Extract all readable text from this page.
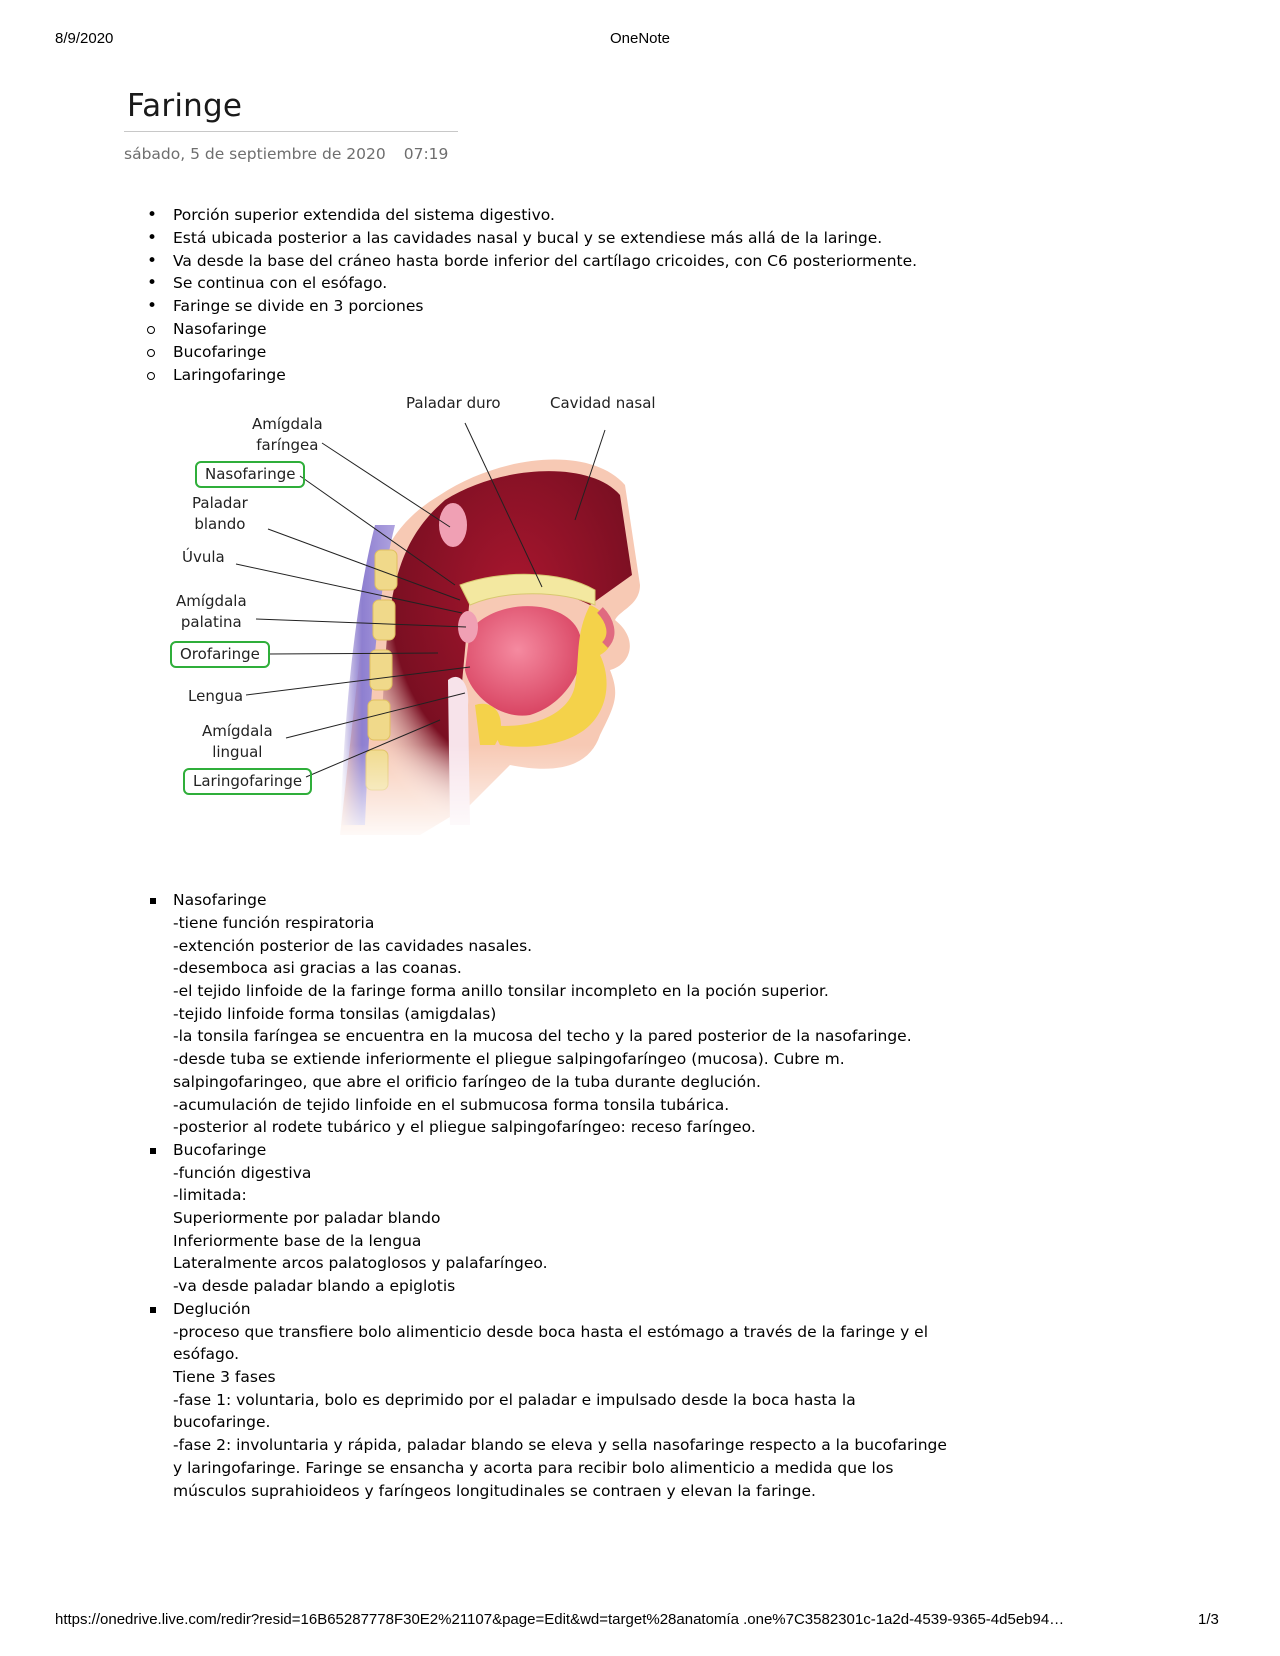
8/9/2020	OneNote
Faringe
sábado, 5 de septiembre de 2020 07:19
•
Porción superior extendida del sistema digestivo.
•
Está ubicada posterior a las cavidades nasal y bucal y se extendiese más allá de la laringe.
•
Va desde la base del cráneo hasta borde inferior del cartílago cricoides, con C6 posteriormente.
•
Se continua con el esófago.
•
Faringe se divide en 3 porciones
Nasofaringe
Bucofaringe
Laringofaringe
Paladar duro	Cavidad nasal
Amígdala
faríngea
Nasofaringe
Paladar
blando
Úvula
Amígdala
palatina
Orofaringe
Lengua
Amígdala
lingual
Laringofaringe
Nasofaringe
-tiene función respiratoria
-extención posterior de las cavidades nasales.
-desemboca asi gracias a las coanas.
-el tejido linfoide de la faringe forma anillo tonsilar incompleto en la poción superior.
-tejido linfoide forma tonsilas (amigdalas)
-la tonsila faríngea se encuentra en la mucosa del techo y la pared posterior de la nasofaringe.
-desde tuba se extiende inferiormente el pliegue salpingofaríngeo (mucosa). Cubre m.
salpingofaringeo, que abre el orificio faríngeo de la tuba durante deglución.
-acumulación de tejido linfoide en el submucosa forma tonsila tubárica.
-posterior al rodete tubárico y el pliegue salpingofaríngeo: receso faríngeo.
Bucofaringe
-función digestiva
-limitada:
Superiormente por paladar blando
Inferiormente base de la lengua
Lateralmente arcos palatoglosos y palafaríngeo.
-va desde paladar blando a epiglotis
Deglución
-proceso que transfiere bolo alimenticio desde boca hasta el estómago a través de la faringe y el
esófago.
Tiene 3 fases
-fase 1: voluntaria, bolo es deprimido por el paladar e impulsado desde la boca hasta la
bucofaringe.
-fase 2: involuntaria y rápida, paladar blando se eleva y sella nasofaringe respecto a la bucofaringe
y laringofaringe. Faringe se ensancha y acorta para recibir bolo alimenticio a medida que los
músculos suprahioideos y faríngeos longitudinales se contraen y elevan la faringe.
https://onedrive.live.com/redir?resid=16B65287778F30E2%21107&page=Edit&wd=target%28anatomía .one%7C3582301c-1a2d-4539-9365-4d5eb94…	1/3
